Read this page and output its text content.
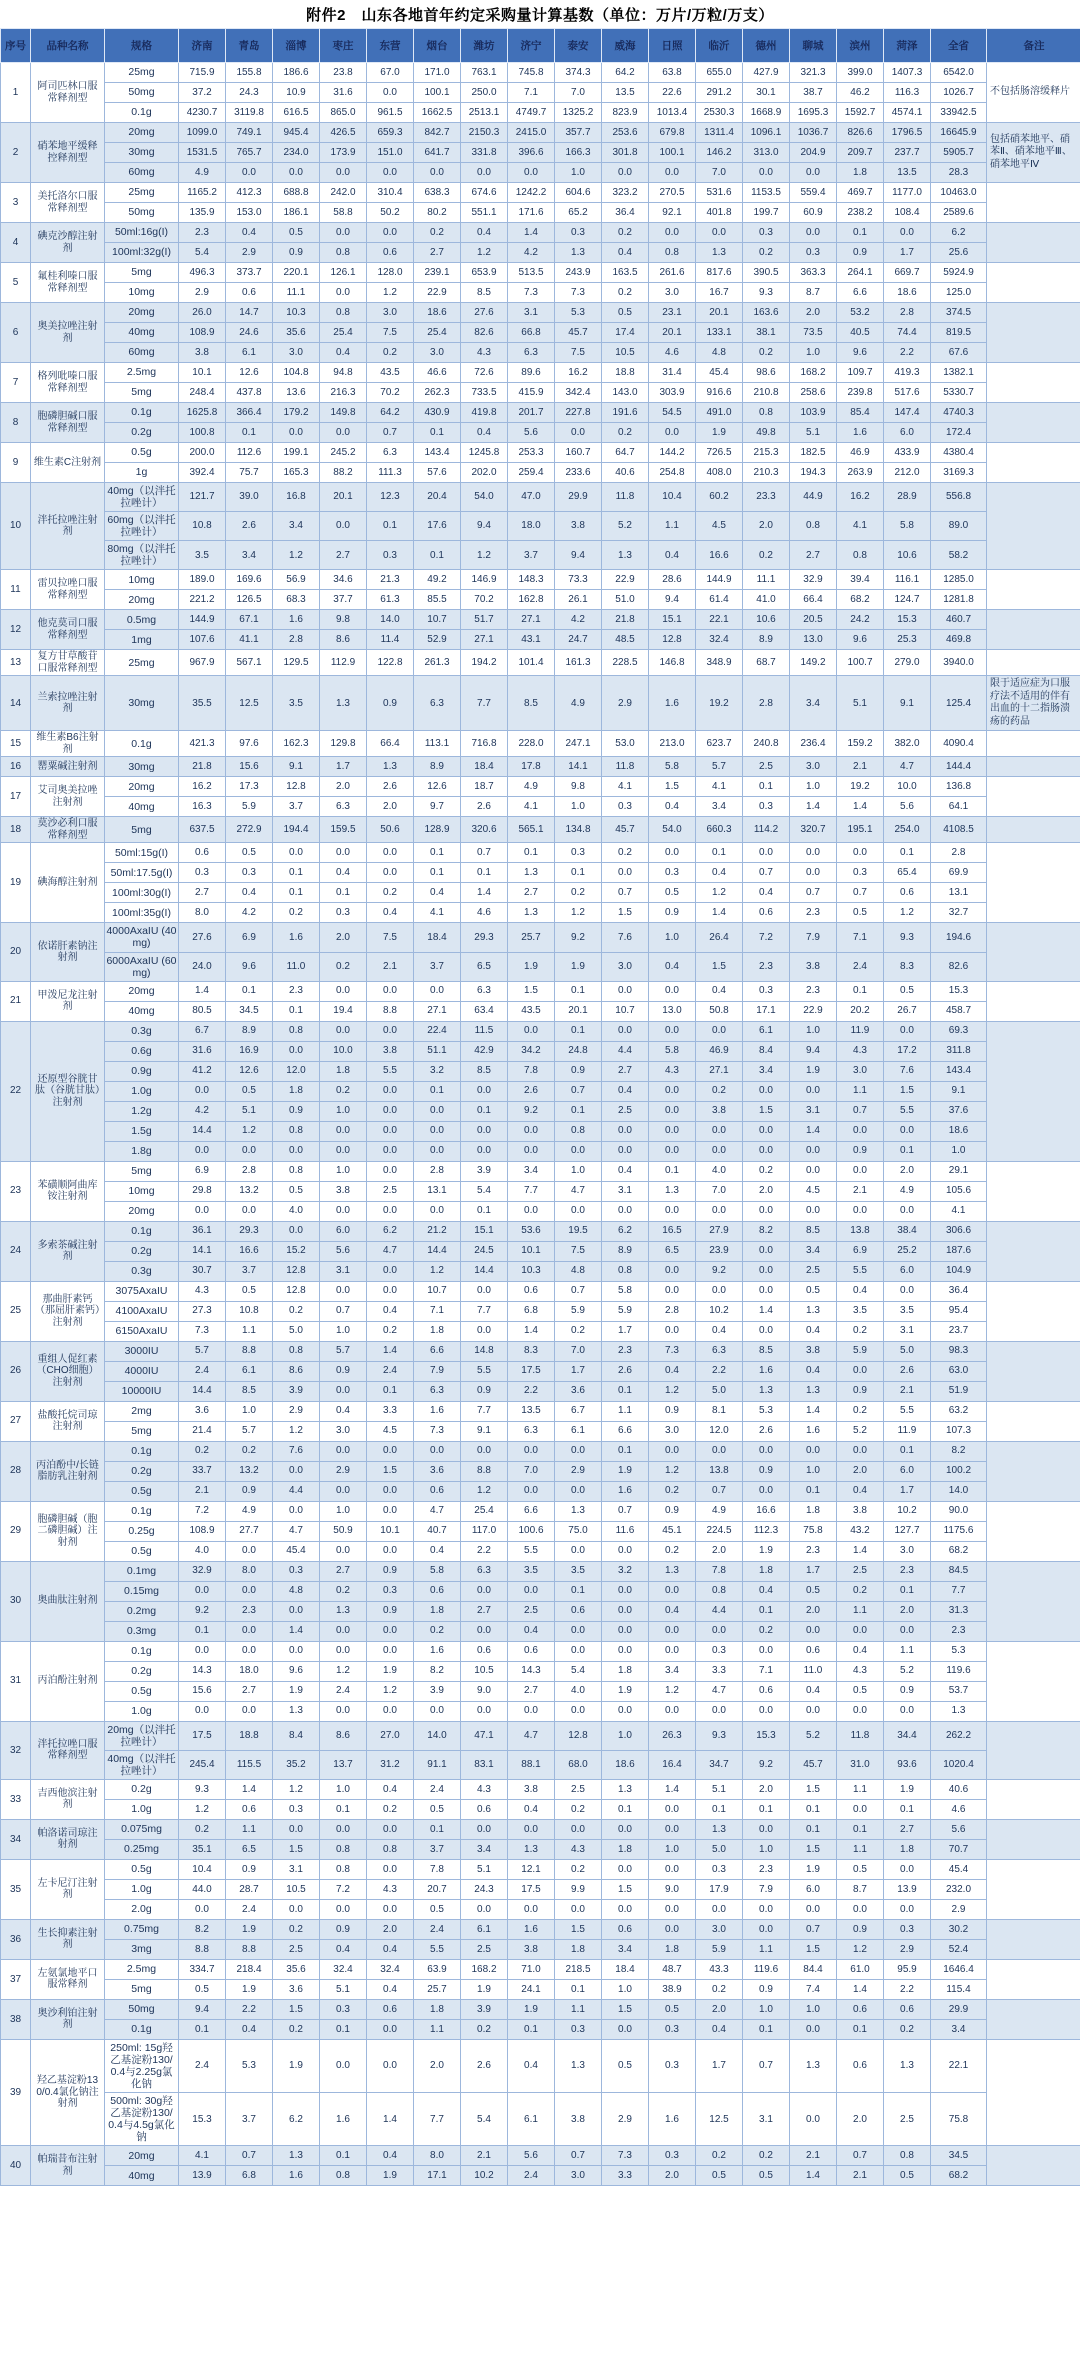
附件2　山东各地首年约定采购量计算基数（单位：万片/万粒/万支）
序号	品种名称	规格	济南	青岛	淄博	枣庄	东营	烟台	潍坊	济宁	泰安	威海	日照	临沂	德州	聊城	滨州	菏泽	全省	备注
1	阿司匹林口服常释剂型	25mg	715.9	155.8	186.6	23.8	67.0	171.0	763.1	745.8	374.3	64.2	63.8	655.0	427.9	321.3	399.0	1407.3	6542.0	不包括肠溶缓释片
		50mg	37.2	24.3	10.9	31.6	0.0	100.1	250.0	7.1	7.0	13.5	22.6	291.2	30.1	38.7	46.2	116.3	1026.7	
		0.1g	4230.7	3119.8	616.5	865.0	961.5	1662.5	2513.1	4749.7	1325.2	823.9	1013.4	2530.3	1668.9	1695.3	1592.7	4574.1	33942.5	
2	硝苯地平缓释控释剂型	20mg	1099.0	749.1	945.4	426.5	659.3	842.7	2150.3	2415.0	357.7	253.6	679.8	1311.4	1096.1	1036.7	826.6	1796.5	16645.9	包括硝苯地平、硝苯Ⅱ、硝苯地平Ⅲ、硝苯地平Ⅳ
		30mg	1531.5	765.7	234.0	173.9	151.0	641.7	331.8	396.6	166.3	301.8	100.1	146.2	313.0	204.9	209.7	237.7	5905.7	
		60mg	4.9	0.0	0.0	0.0	0.0	0.0	0.0	0.0	1.0	0.0	0.0	7.0	0.0	0.0	1.8	13.5	28.3	
3	美托洛尔口服常释剂型	25mg	1165.2	412.3	688.8	242.0	310.4	638.3	674.6	1242.2	604.6	323.2	270.5	531.6	1153.5	559.4	469.7	1177.0	10463.0	
		50mg	135.9	153.0	186.1	58.8	50.2	80.2	551.1	171.6	65.2	36.4	92.1	401.8	199.7	60.9	238.2	108.4	2589.6	
4	碘克沙醇注射剂	50ml:16g(I)	2.3	0.4	0.5	0.0	0.0	0.2	0.4	1.4	0.3	0.2	0.0	0.0	0.3	0.0	0.1	0.0	6.2	
		100ml:32g(I)	5.4	2.9	0.9	0.8	0.6	2.7	1.2	4.2	1.3	0.4	0.8	1.3	0.2	0.3	0.9	1.7	25.6	
5	氟桂利嗪口服常释剂型	5mg	496.3	373.7	220.1	126.1	128.0	239.1	653.9	513.5	243.9	163.5	261.6	817.6	390.5	363.3	264.1	669.7	5924.9	
		10mg	2.9	0.6	11.1	0.0	1.2	22.9	8.5	7.3	7.3	0.2	3.0	16.7	9.3	8.7	6.6	18.6	125.0	
6	奥美拉唑注射剂	20mg	26.0	14.7	10.3	0.8	3.0	18.6	27.6	3.1	5.3	0.5	23.1	20.1	163.6	2.0	53.2	2.8	374.5	
		40mg	108.9	24.6	35.6	25.4	7.5	25.4	82.6	66.8	45.7	17.4	20.1	133.1	38.1	73.5	40.5	74.4	819.5	
		60mg	3.8	6.1	3.0	0.4	0.2	3.0	4.3	6.3	7.5	10.5	4.6	4.8	0.2	1.0	9.6	2.2	67.6	
7	格列吡嗪口服常释剂型	2.5mg	10.1	12.6	104.8	94.8	43.5	46.6	72.6	89.6	16.2	18.8	31.4	45.4	98.6	168.2	109.7	419.3	1382.1	
		5mg	248.4	437.8	13.6	216.3	70.2	262.3	733.5	415.9	342.4	143.0	303.9	916.6	210.8	258.6	239.8	517.6	5330.7	
8	胞磷胆碱口服常释剂型	0.1g	1625.8	366.4	179.2	149.8	64.2	430.9	419.8	201.7	227.8	191.6	54.5	491.0	0.8	103.9	85.4	147.4	4740.3	
		0.2g	100.8	0.1	0.0	0.0	0.7	0.1	0.4	5.6	0.0	0.2	0.0	1.9	49.8	5.1	1.6	6.0	172.4	
9	维生素C注射剂	0.5g	200.0	112.6	199.1	245.2	6.3	143.4	1245.8	253.3	160.7	64.7	144.2	726.5	215.3	182.5	46.9	433.9	4380.4	
		1g	392.4	75.7	165.3	88.2	111.3	57.6	202.0	259.4	233.6	40.6	254.8	408.0	210.3	194.3	263.9	212.0	3169.3	
10	泮托拉唑注射剂	40mg（以泮托拉唑计）	121.7	39.0	16.8	20.1	12.3	20.4	54.0	47.0	29.9	11.8	10.4	60.2	23.3	44.9	16.2	28.9	556.8	
		60mg（以泮托拉唑计）	10.8	2.6	3.4	0.0	0.1	17.6	9.4	18.0	3.8	5.2	1.1	4.5	2.0	0.8	4.1	5.8	89.0	
		80mg（以泮托拉唑计）	3.5	3.4	1.2	2.7	0.3	0.1	1.2	3.7	9.4	1.3	0.4	16.6	0.2	2.7	0.8	10.6	58.2	
11	雷贝拉唑口服常释剂型	10mg	189.0	169.6	56.9	34.6	21.3	49.2	146.9	148.3	73.3	22.9	28.6	144.9	11.1	32.9	39.4	116.1	1285.0	
		20mg	221.2	126.5	68.3	37.7	61.3	85.5	70.2	162.8	26.1	51.0	9.4	61.4	41.0	66.4	68.2	124.7	1281.8	
12	他克莫司口服常释剂型	0.5mg	144.9	67.1	1.6	9.8	14.0	10.7	51.7	27.1	4.2	21.8	15.1	22.1	10.6	20.5	24.2	15.3	460.7	
		1mg	107.6	41.1	2.8	8.6	11.4	52.9	27.1	43.1	24.7	48.5	12.8	32.4	8.9	13.0	9.6	25.3	469.8	
13	复方甘草酸苷口服常释剂型	25mg	967.9	567.1	129.5	112.9	122.8	261.3	194.2	101.4	161.3	228.5	146.8	348.9	68.7	149.2	100.7	279.0	3940.0	
14	兰索拉唑注射剂	30mg	35.5	12.5	3.5	1.3	0.9	6.3	7.7	8.5	4.9	2.9	1.6	19.2	2.8	3.4	5.1	9.1	125.4	限于适应症为口服疗法不适用的伴有出血的十二指肠溃疡的药品
15	维生素B6注射剂	0.1g	421.3	97.6	162.3	129.8	66.4	113.1	716.8	228.0	247.1	53.0	213.0	623.7	240.8	236.4	159.2	382.0	4090.4	
16	罂粟碱注射剂	30mg	21.8	15.6	9.1	1.7	1.3	8.9	18.4	17.8	14.1	11.8	5.8	5.7	2.5	3.0	2.1	4.7	144.4	
17	艾司奥美拉唑注射剂	20mg	16.2	17.3	12.8	2.0	2.6	12.6	18.7	4.9	9.8	4.1	1.5	4.1	0.1	1.0	19.2	10.0	136.8	
		40mg	16.3	5.9	3.7	6.3	2.0	9.7	2.6	4.1	1.0	0.3	0.4	3.4	0.3	1.4	1.4	5.6	64.1	
18	莫沙必利口服常释剂型	5mg	637.5	272.9	194.4	159.5	50.6	128.9	320.6	565.1	134.8	45.7	54.0	660.3	114.2	320.7	195.1	254.0	4108.5	
19	碘海醇注射剂	50ml:15g(I)	0.6	0.5	0.0	0.0	0.0	0.1	0.7	0.1	0.3	0.2	0.0	0.1	0.0	0.0	0.0	0.1	2.8	
		50ml:17.5g(I)	0.3	0.3	0.1	0.4	0.0	0.1	0.1	1.3	0.1	0.0	0.3	0.4	0.7	0.0	0.3	65.4	69.9	
		100ml:30g(I)	2.7	0.4	0.1	0.1	0.2	0.4	1.4	2.7	0.2	0.7	0.5	1.2	0.4	0.7	0.7	0.6	13.1	
		100ml:35g(I)	8.0	4.2	0.2	0.3	0.4	4.1	4.6	1.3	1.2	1.5	0.9	1.4	0.6	2.3	0.5	1.2	32.7	
20	依诺肝素钠注射剂	4000AxaIU (40mg)	27.6	6.9	1.6	2.0	7.5	18.4	29.3	25.7	9.2	7.6	1.0	26.4	7.2	7.9	7.1	9.3	194.6	
		6000AxaIU (60mg)	24.0	9.6	11.0	0.2	2.1	3.7	6.5	1.9	1.9	3.0	0.4	1.5	2.3	3.8	2.4	8.3	82.6	
21	甲泼尼龙注射剂	20mg	1.4	0.1	2.3	0.0	0.0	0.0	6.3	1.5	0.1	0.0	0.0	0.4	0.3	2.3	0.1	0.5	15.3	
		40mg	80.5	34.5	0.1	19.4	8.8	27.1	63.4	43.5	20.1	10.7	13.0	50.8	17.1	22.9	20.2	26.7	458.7	
22	还原型谷胱甘肽（谷胱甘肽）注射剂	0.3g	6.7	8.9	0.8	0.0	0.0	22.4	11.5	0.0	0.1	0.0	0.0	0.0	6.1	1.0	11.9	0.0	69.3	
		0.6g	31.6	16.9	0.0	10.0	3.8	51.1	42.9	34.2	24.8	4.4	5.8	46.9	8.4	9.4	4.3	17.2	311.8	
		0.9g	41.2	12.6	12.0	1.8	5.5	3.2	8.5	7.8	0.9	2.7	4.3	27.1	3.4	1.9	3.0	7.6	143.4	
		1.0g	0.0	0.5	1.8	0.2	0.0	0.1	0.0	2.6	0.7	0.4	0.0	0.2	0.0	0.0	1.1	1.5	9.1	
		1.2g	4.2	5.1	0.9	1.0	0.0	0.0	0.1	9.2	0.1	2.5	0.0	3.8	1.5	3.1	0.7	5.5	37.6	
		1.5g	14.4	1.2	0.8	0.0	0.0	0.0	0.0	0.0	0.8	0.0	0.0	0.0	0.0	1.4	0.0	0.0	18.6	
		1.8g	0.0	0.0	0.0	0.0	0.0	0.0	0.0	0.0	0.0	0.0	0.0	0.0	0.0	0.0	0.9	0.1	1.0	
23	苯磺顺阿曲库铵注射剂	5mg	6.9	2.8	0.8	1.0	0.0	2.8	3.9	3.4	1.0	0.4	0.1	4.0	0.2	0.0	0.0	2.0	29.1	
		10mg	29.8	13.2	0.5	3.8	2.5	13.1	5.4	7.7	4.7	3.1	1.3	7.0	2.0	4.5	2.1	4.9	105.6	
		20mg	0.0	0.0	4.0	0.0	0.0	0.0	0.1	0.0	0.0	0.0	0.0	0.0	0.0	0.0	0.0	0.0	4.1	
24	多索茶碱注射剂	0.1g	36.1	29.3	0.0	6.0	6.2	21.2	15.1	53.6	19.5	6.2	16.5	27.9	8.2	8.5	13.8	38.4	306.6	
		0.2g	14.1	16.6	15.2	5.6	4.7	14.4	24.5	10.1	7.5	8.9	6.5	23.9	0.0	3.4	6.9	25.2	187.6	
		0.3g	30.7	3.7	12.8	3.1	0.0	1.2	14.4	10.3	4.8	0.8	0.0	9.2	0.0	2.5	5.5	6.0	104.9	
25	那曲肝素钙（那屈肝素钙）注射剂	3075AxaIU	4.3	0.5	12.8	0.0	0.0	10.7	0.0	0.6	0.7	5.8	0.0	0.0	0.0	0.5	0.4	0.0	36.4	
		4100AxaIU	27.3	10.8	0.2	0.7	0.4	7.1	7.7	6.8	5.9	5.9	2.8	10.2	1.4	1.3	3.5	3.5	95.4	
		6150AxaIU	7.3	1.1	5.0	1.0	0.2	1.8	0.0	1.4	0.2	1.7	0.0	0.4	0.0	0.4	0.2	3.1	23.7	
26	重组人促红素（CHO细胞）注射剂	3000IU	5.7	8.8	0.8	5.7	1.4	6.6	14.8	8.3	7.0	2.3	7.3	6.3	8.5	3.8	5.9	5.0	98.3	
		4000IU	2.4	6.1	8.6	0.9	2.4	7.9	5.5	17.5	1.7	2.6	0.4	2.2	1.6	0.4	0.0	2.6	63.0	
		10000IU	14.4	8.5	3.9	0.0	0.1	6.3	0.9	2.2	3.6	0.1	1.2	5.0	1.3	1.3	0.9	2.1	51.9	
27	盐酸托烷司琼注射剂	2mg	3.6	1.0	2.9	0.4	3.3	1.6	7.7	13.5	6.7	1.1	0.9	8.1	5.3	1.4	0.2	5.5	63.2	
		5mg	21.4	5.7	1.2	3.0	4.5	7.3	9.1	6.3	6.1	6.6	3.0	12.0	2.6	1.6	5.2	11.9	107.3	
28	丙泊酚中/长链脂肪乳注射剂	0.1g	0.2	0.2	7.6	0.0	0.0	0.0	0.0	0.0	0.0	0.1	0.0	0.0	0.0	0.0	0.0	0.1	8.2	
		0.2g	33.7	13.2	0.0	2.9	1.5	3.6	8.8	7.0	2.9	1.9	1.2	13.8	0.9	1.0	2.0	6.0	100.2	
		0.5g	2.1	0.9	4.4	0.0	0.0	0.6	1.2	0.0	0.0	1.6	0.2	0.7	0.0	0.1	0.4	1.7	14.0	
29	胞磷胆碱（胞二磷胆碱）注射剂	0.1g	7.2	4.9	0.0	1.0	0.0	4.7	25.4	6.6	1.3	0.7	0.9	4.9	16.6	1.8	3.8	10.2	90.0	
		0.25g	108.9	27.7	4.7	50.9	10.1	40.7	117.0	100.6	75.0	11.6	45.1	224.5	112.3	75.8	43.2	127.7	1175.6	
		0.5g	4.0	0.0	45.4	0.0	0.0	0.4	2.2	5.5	0.0	0.0	0.2	2.0	1.9	2.3	1.4	3.0	68.2	
30	奥曲肽注射剂	0.1mg	32.9	8.0	0.3	2.7	0.9	5.8	6.3	3.5	3.5	3.2	1.3	7.8	1.8	1.7	2.5	2.3	84.5	
		0.15mg	0.0	0.0	4.8	0.2	0.3	0.6	0.0	0.0	0.1	0.0	0.0	0.8	0.4	0.5	0.2	0.1	7.7	
		0.2mg	9.2	2.3	0.0	1.3	0.9	1.8	2.7	2.5	0.6	0.0	0.4	4.4	0.1	2.0	1.1	2.0	31.3	
		0.3mg	0.1	0.0	1.4	0.0	0.0	0.2	0.0	0.4	0.0	0.0	0.0	0.0	0.2	0.0	0.0	0.0	2.3	
31	丙泊酚注射剂	0.1g	0.0	0.0	0.0	0.0	0.0	1.6	0.6	0.6	0.0	0.0	0.0	0.3	0.0	0.6	0.4	1.1	5.3	
		0.2g	14.3	18.0	9.6	1.2	1.9	8.2	10.5	14.3	5.4	1.8	3.4	3.3	7.1	11.0	4.3	5.2	119.6	
		0.5g	15.6	2.7	1.9	2.4	1.2	3.9	9.0	2.7	4.0	1.9	1.2	4.7	0.6	0.4	0.5	0.9	53.7	
		1.0g	0.0	0.0	1.3	0.0	0.0	0.0	0.0	0.0	0.0	0.0	0.0	0.0	0.0	0.0	0.0	0.0	1.3	
32	泮托拉唑口服常释剂型	20mg（以泮托拉唑计）	17.5	18.8	8.4	8.6	27.0	14.0	47.1	4.7	12.8	1.0	26.3	9.3	15.3	5.2	11.8	34.4	262.2	
		40mg（以泮托拉唑计）	245.4	115.5	35.2	13.7	31.2	91.1	83.1	88.1	68.0	18.6	16.4	34.7	9.2	45.7	31.0	93.6	1020.4	
33	吉西他滨注射剂	0.2g	9.3	1.4	1.2	1.0	0.4	2.4	4.3	3.8	2.5	1.3	1.4	5.1	2.0	1.5	1.1	1.9	40.6	
		1.0g	1.2	0.6	0.3	0.1	0.2	0.5	0.6	0.4	0.2	0.1	0.0	0.1	0.1	0.1	0.0	0.1	4.6	
34	帕洛诺司琼注射剂	0.075mg	0.2	1.1	0.0	0.0	0.0	0.1	0.0	0.0	0.0	0.0	0.0	1.3	0.0	0.1	0.1	2.7	5.6	
		0.25mg	35.1	6.5	1.5	0.8	0.8	3.7	3.4	1.3	4.3	1.8	1.0	5.0	1.0	1.5	1.1	1.8	70.7	
35	左卡尼汀注射剂	0.5g	10.4	0.9	3.1	0.8	0.0	7.8	5.1	12.1	0.2	0.0	0.0	0.3	2.3	1.9	0.5	0.0	45.4	
		1.0g	44.0	28.7	10.5	7.2	4.3	20.7	24.3	17.5	9.9	1.5	9.0	17.9	7.9	6.0	8.7	13.9	232.0	
		2.0g	0.0	2.4	0.0	0.0	0.0	0.5	0.0	0.0	0.0	0.0	0.0	0.0	0.0	0.0	0.0	0.0	2.9	
36	生长抑素注射剂	0.75mg	8.2	1.9	0.2	0.9	2.0	2.4	6.1	1.6	1.5	0.6	0.0	3.0	0.0	0.7	0.9	0.3	30.2	
		3mg	8.8	8.8	2.5	0.4	0.4	5.5	2.5	3.8	1.8	3.4	1.8	5.9	1.1	1.5	1.2	2.9	52.4	
37	左氨氯地平口服常释剂	2.5mg	334.7	218.4	35.6	32.4	32.4	63.9	168.2	71.0	218.5	18.4	48.7	43.3	119.6	84.4	61.0	95.9	1646.4	
		5mg	0.5	1.9	3.6	5.1	0.4	25.7	1.9	24.1	0.1	1.0	38.9	0.2	0.9	7.4	1.4	2.2	115.4	
38	奥沙利铂注射剂	50mg	9.4	2.2	1.5	0.3	0.6	1.8	3.9	1.9	1.1	1.5	0.5	2.0	1.0	1.0	0.6	0.6	29.9	
		0.1g	0.1	0.4	0.2	0.1	0.0	1.1	0.2	0.1	0.3	0.0	0.3	0.4	0.1	0.0	0.1	0.2	3.4	
39	羟乙基淀粉130/0.4氯化钠注射剂	250ml: 15g羟乙基淀粉130/0.4与2.25g氯化钠	2.4	5.3	1.9	0.0	0.0	2.0	2.6	0.4	1.3	0.5	0.3	1.7	0.7	1.3	0.6	1.3	22.1	
		500ml: 30g羟乙基淀粉130/0.4与4.5g氯化钠	15.3	3.7	6.2	1.6	1.4	7.7	5.4	6.1	3.8	2.9	1.6	12.5	3.1	0.0	2.0	2.5	75.8	
40	帕瑞昔布注射剂	20mg	4.1	0.7	1.3	0.1	0.4	8.0	2.1	5.6	0.7	7.3	0.3	0.2	0.2	2.1	0.7	0.8	34.5	
		40mg	13.9	6.8	1.6	0.8	1.9	17.1	10.2	2.4	3.0	3.3	2.0	0.5	0.5	1.4	2.1	0.5	68.2	
